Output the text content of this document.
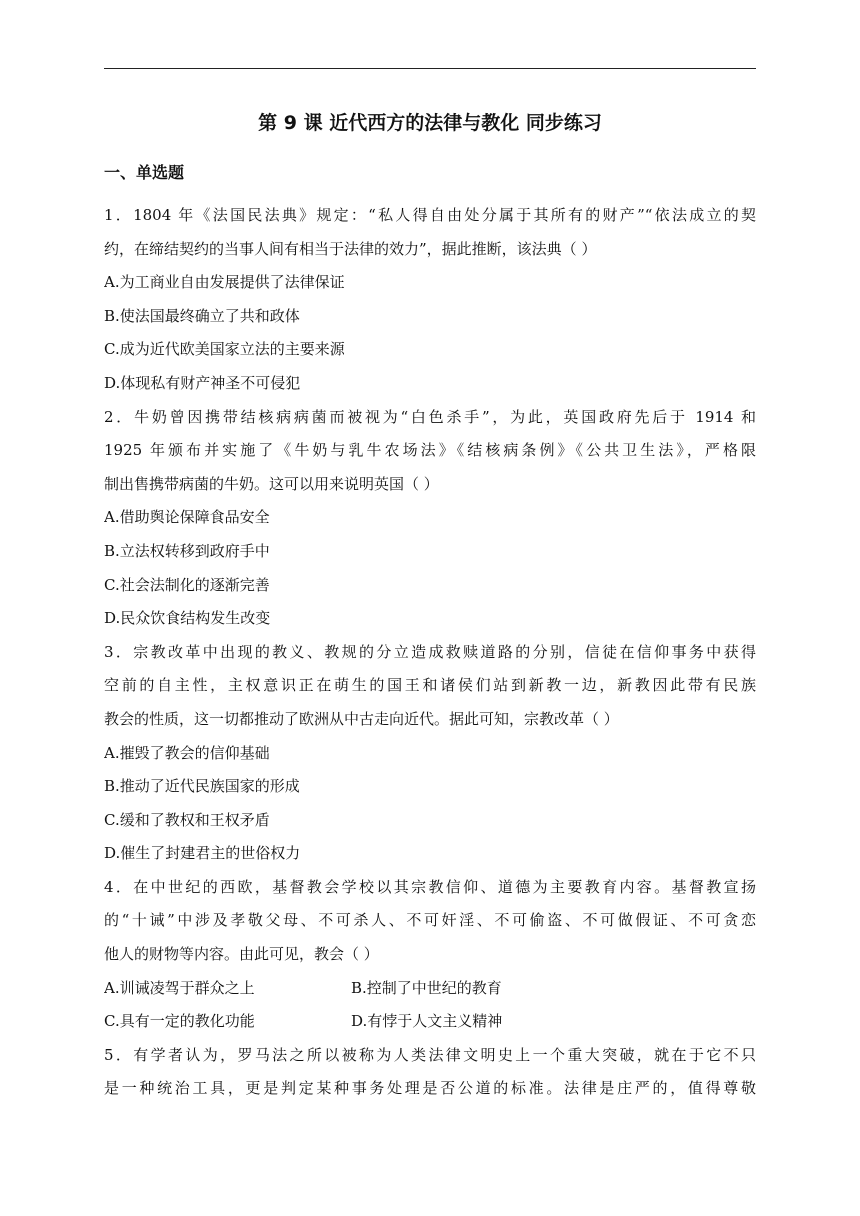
第 9 课 近代西方的法律与教化 同步练习
一、单选题
1．1804 年《法国民法典》规定：“私人得自由处分属于其所有的财产”“依法成立的契
约，在缔结契约的当事人间有相当于法律的效力”，据此推断，该法典（ ）
A.为工商业自由发展提供了法律保证
B.使法国最终确立了共和政体
C.成为近代欧美国家立法的主要来源
D.体现私有财产神圣不可侵犯
2．牛奶曾因携带结核病病菌而被视为“白色杀手”，为此，英国政府先后于 1914 和
1925 年颁布并实施了《牛奶与乳牛农场法》《结核病条例》《公共卫生法》，严格限
制出售携带病菌的牛奶。这可以用来说明英国（ ）
A.借助舆论保障食品安全
B.立法权转移到政府手中
C.社会法制化的逐渐完善
D.民众饮食结构发生改变
3．宗教改革中出现的教义、教规的分立造成救赎道路的分别，信徒在信仰事务中获得
空前的自主性，主权意识正在萌生的国王和诸侯们站到新教一边，新教因此带有民族
教会的性质，这一切都推动了欧洲从中古走向近代。据此可知，宗教改革（ ）
A.摧毁了教会的信仰基础
B.推动了近代民族国家的形成
C.缓和了教权和王权矛盾
D.催生了封建君主的世俗权力
4．在中世纪的西欧，基督教会学校以其宗教信仰、道德为主要教育内容。基督教宣扬
的“十诫”中涉及孝敬父母、不可杀人、不可奸淫、不可偷盗、不可做假证、不可贪恋
他人的财物等内容。由此可见，教会（ ）
A.训诫凌驾于群众之上	B.控制了中世纪的教育
C.具有一定的教化功能	D.有悖于人文主义精神
5．有学者认为，罗马法之所以被称为人类法律文明史上一个重大突破，就在于它不只
是一种统治工具，更是判定某种事务处理是否公道的标准。法律是庄严的，值得尊敬
